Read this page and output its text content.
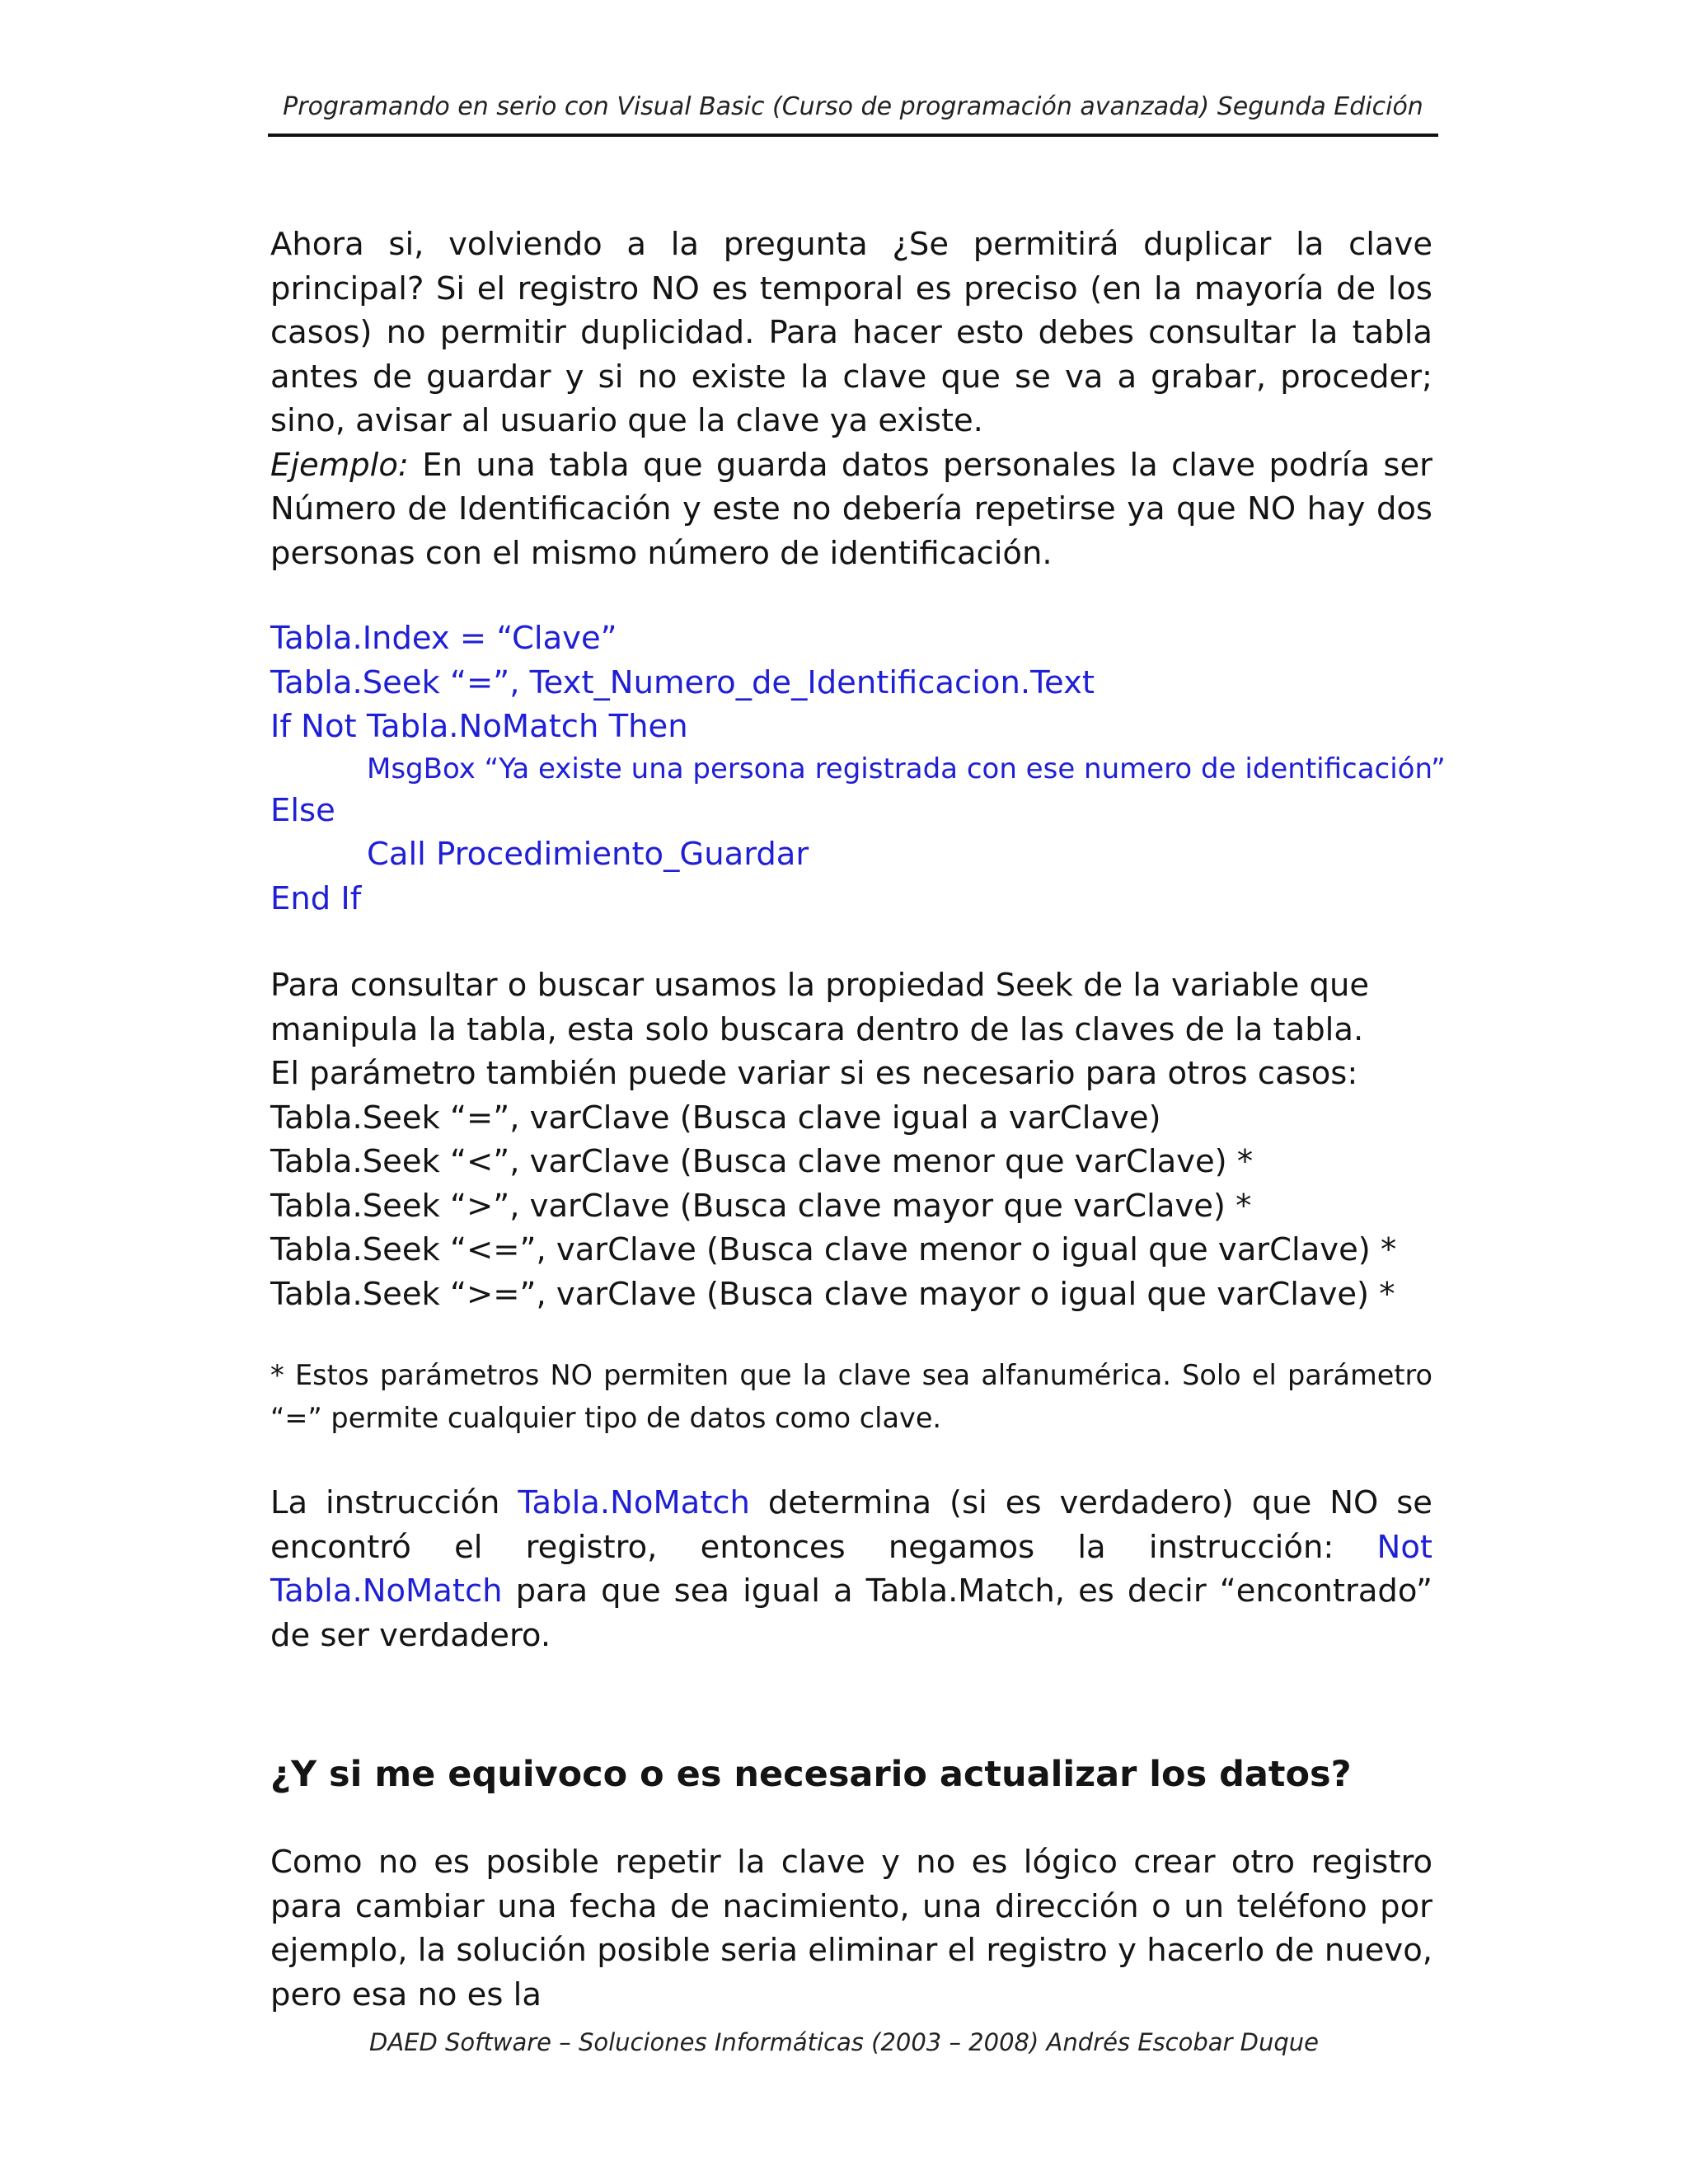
Programando en serio con Visual Basic (Curso de programación avanzada) Segunda Edición

Ahora si, volviendo a la pregunta ¿Se permitirá duplicar la clave principal? Si el registro NO es temporal es preciso (en la mayoría de los casos) no permitir duplicidad. Para hacer esto debes consultar la tabla antes de guardar y si no existe la clave que se va a grabar, proceder; sino, avisar al usuario que la clave ya existe.
Ejemplo: En una tabla que guarda datos personales la clave podría ser Número de Identificación y este no debería repetirse ya que NO hay dos personas con el mismo número de identificación.

Tabla.Index = “Clave”
Tabla.Seek “=”, Text_Numero_de_Identificacion.Text
If Not Tabla.NoMatch Then
MsgBox “Ya existe una persona registrada con ese numero de identificación”
Else
Call Procedimiento_Guardar
End If

Para consultar o buscar usamos la propiedad Seek de la variable que manipula la tabla, esta solo buscara dentro de las claves de la tabla.
El parámetro también puede variar si es necesario para otros casos:

Tabla.Seek “=”, varClave (Busca clave igual a varClave)
Tabla.Seek “<”, varClave (Busca clave menor que varClave) *
Tabla.Seek “>”, varClave (Busca clave mayor que varClave) *
Tabla.Seek “<=”, varClave (Busca clave menor o igual que varClave) *
Tabla.Seek “>=”, varClave (Busca clave mayor o igual que varClave) *

* Estos parámetros NO permiten que la clave sea alfanumérica. Solo el parámetro “=” permite cualquier tipo de datos como clave.

La instrucción Tabla.NoMatch determina (si es verdadero) que NO se encontró el registro, entonces negamos la instrucción: Not Tabla.NoMatch para que sea igual a Tabla.Match, es decir “encontrado” de ser verdadero.

¿Y si me equivoco o es necesario actualizar los datos?

Como no es posible repetir la clave y no es lógico crear otro registro para cambiar una fecha de nacimiento, una dirección o un teléfono por ejemplo, la solución posible seria eliminar el registro y hacerlo de nuevo, pero esa no es la

DAED Software – Soluciones Informáticas (2003 – 2008) Andrés Escobar Duque
